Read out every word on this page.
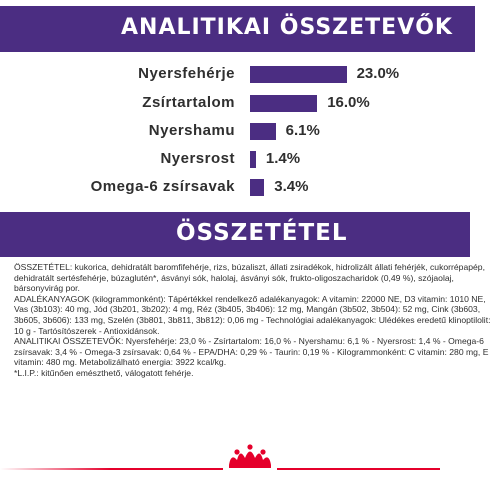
ANALITIKAI ÖSSZETEVŐK
Nyersfehérje	23.0%
Zsírtartalom	16.0%
Nyershamu	6.1%
Nyersrost 1.4%
Omega-6 zsírsavak	3.4%
ÖSSZETÉTEL

ÖSSZETÉTEL: kukorica, dehidratált baromfifehérje, rizs, búzaliszt, állati zsiradékok, hidrolizált állati fehérjék, cukorrépapép, dehidratált sertésfehérje, búzaglutén*, ásványi sók, halolaj, ásványi sók, frukto-oligoszacharidok (0,49 %), szójaolaj, bársonyvirág por.

ADALÉKANYAGOK (kilogrammonként): Tápértékkel rendelkező adalékanyagok: A vitamin: 22000 NE, D3 vitamin: 1010 NE, Vas (3b103): 40 mg, Jód (3b201, 3b202): 4 mg, Réz (3b405, 3b406): 12 mg, Mangán (3b502, 3b504): 52 mg, Cink (3b603, 3b605, 3b606): 133 mg, Szelén (3b801, 3b811, 3b812): 0,06 mg - Technológiai adalékanyagok: Ulédékes eredetű klinoptilolit: 10 g - Tartósítószerek - Antioxidánsok.

ANALITIKAI ÖSSZETEVŐK: Nyersfehérje: 23,0 % - Zsírtartalom: 16,0 % - Nyershamu: 6,1 % - Nyersrost: 1,4 % - Omega-6 zsírsavak: 3,4 % - Omega-3 zsírsavak: 0,64 % - EPA/DHA: 0,29 % - Taurin: 0,19 % - Kilogrammonként: C vitamin: 280 mg, E vitamin: 480 mg. Metabolizálható energia: 3922 kcal/kg.

*L.I.P.: kitűnően emészthető, válogatott fehérje.
